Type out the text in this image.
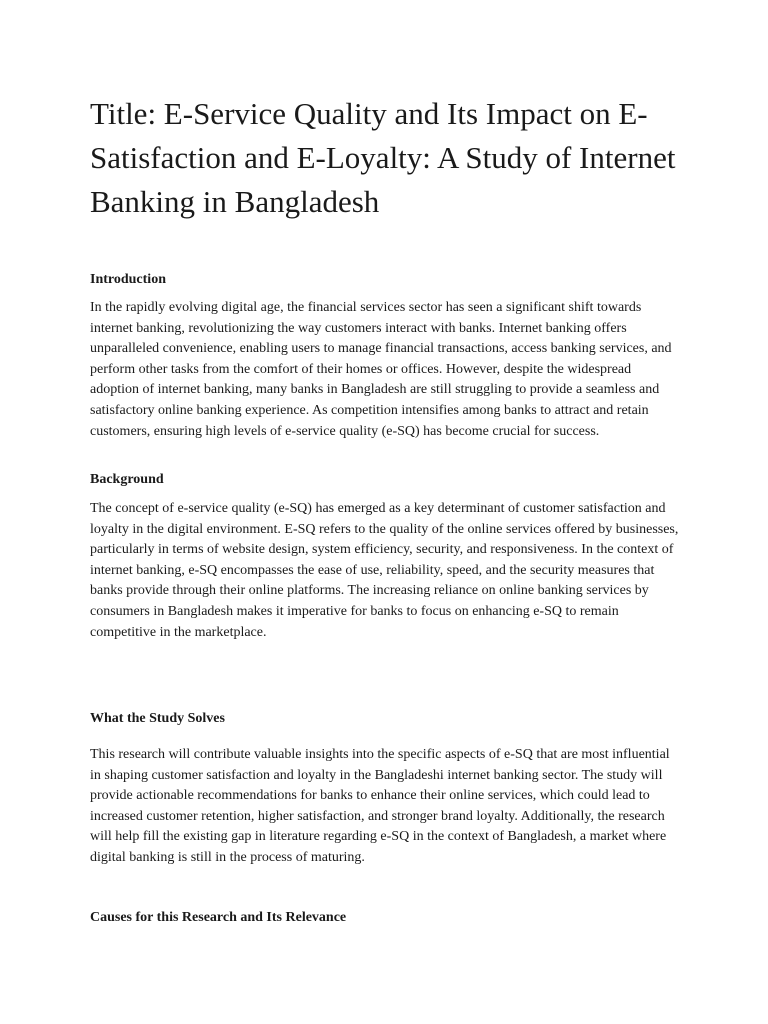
Title: E-Service Quality and Its Impact on E-Satisfaction and E-Loyalty: A Study of Internet Banking in Bangladesh
Introduction

In the rapidly evolving digital age, the financial services sector has seen a significant shift towards internet banking, revolutionizing the way customers interact with banks. Internet banking offers unparalleled convenience, enabling users to manage financial transactions, access banking services, and perform other tasks from the comfort of their homes or offices. However, despite the widespread adoption of internet banking, many banks in Bangladesh are still struggling to provide a seamless and satisfactory online banking experience. As competition intensifies among banks to attract and retain customers, ensuring high levels of e-service quality (e-SQ) has become crucial for success.

Background

The concept of e-service quality (e-SQ) has emerged as a key determinant of customer satisfaction and loyalty in the digital environment. E-SQ refers to the quality of the online services offered by businesses, particularly in terms of website design, system efficiency, security, and responsiveness. In the context of internet banking, e-SQ encompasses the ease of use, reliability, speed, and the security measures that banks provide through their online platforms. The increasing reliance on online banking services by consumers in Bangladesh makes it imperative for banks to focus on enhancing e-SQ to remain competitive in the marketplace.

What the Study Solves

This research will contribute valuable insights into the specific aspects of e-SQ that are most influential in shaping customer satisfaction and loyalty in the Bangladeshi internet banking sector. The study will provide actionable recommendations for banks to enhance their online services, which could lead to increased customer retention, higher satisfaction, and stronger brand loyalty. Additionally, the research will help fill the existing gap in literature regarding e-SQ in the context of Bangladesh, a market where digital banking is still in the process of maturing.

Causes for this Research and Its Relevance
